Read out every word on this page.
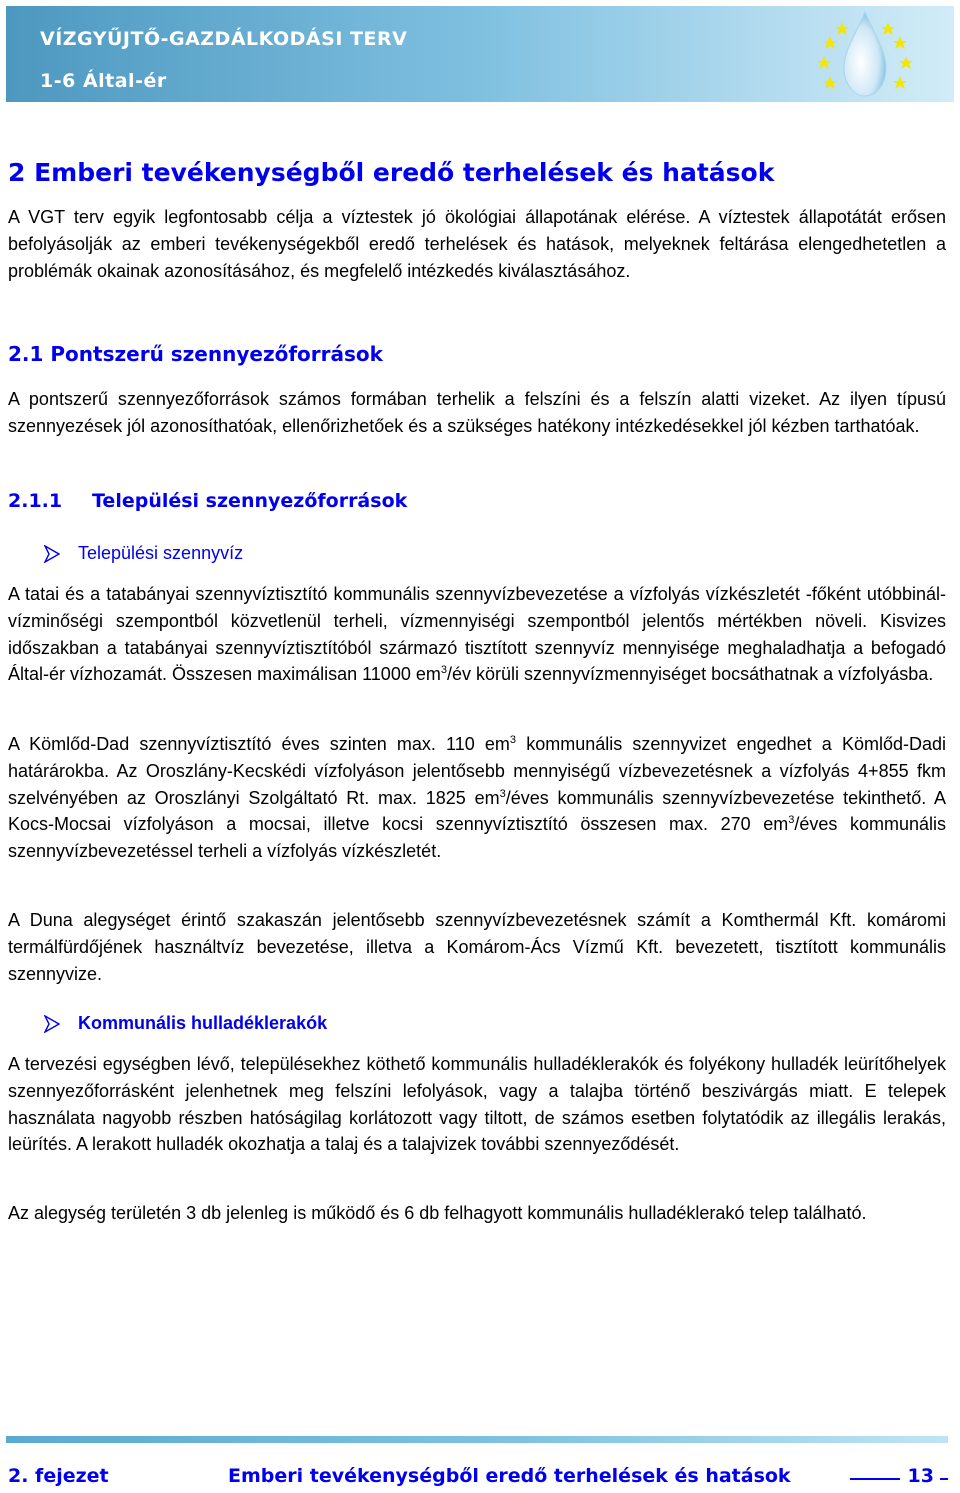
VÍZGYŰJTŐ-GAZDÁLKODÁSI TERV
1-6 Által-ér
2 Emberi tevékenységből eredő terhelések és hatások

A VGT terv egyik legfontosabb célja a víztestek jó ökológiai állapotának elérése. A víztestek állapotátát erősen befolyásolják az emberi tevékenységekből eredő terhelések és hatások, melyeknek feltárása elengedhetetlen a problémák okainak azonosításához, és megfelelő intézkedés kiválasztásához.

2.1 Pontszerű szennyezőforrások

A pontszerű szennyezőforrások számos formában terhelik a felszíni és a felszín alatti vizeket. Az ilyen típusú szennyezések jól azonosíthatóak, ellenőrizhetőek és a szükséges hatékony intézkedésekkel jól kézben tarthatóak.

2.1.1 Települési szennyezőforrások
Települési szennyvíz

A tatai és a tatabányai szennyvíztisztító kommunális szennyvízbevezetése a vízfolyás vízkészletét -főként utóbbinál- vízminőségi szempontból közvetlenül terheli, vízmennyiségi szempontból jelentős mértékben növeli. Kisvizes időszakban a tatabányai szennyvíztisztítóból származó tisztított szennyvíz mennyisége meghaladhatja a befogadó Által-ér vízhozamát. Összesen maximálisan 11000 $em^3/év$ körüli szennyvízmennyiséget bocsáthatnak a vízfolyásba.

A Kömlőd-Dad szennyvíztisztító éves szinten max. 110 $em^3$ kommunális szennyvizet engedhet a Kömlőd-Dadi határárokba. Az Oroszlány-Kecskédi vízfolyáson jelentősebb mennyiségű vízbevezetésnek a vízfolyás 4+855 fkm szelvényében az Oroszlányi Szolgáltató Rt. max. 1825 $em^3$/éves kommunális szennyvízbevezetése tekinthető. A Kocs-Mocsai vízfolyáson a mocsai, illetve kocsi szennyvíztisztító összesen max. 270 $em^3$/éves kommunális szennyvízbevezetéssel terheli a vízfolyás vízkészletét.

A Duna alegységet érintő szakaszán jelentősebb szennyvízbevezetésnek számít a Komthermál Kft. komáromi termálfürdőjének használtvíz bevezetése, illetva a Komárom-Ács Vízmű Kft. bevezetett, tisztított kommunális szennyvize.

Kommunális hulladéklerakók

A tervezési egységben lévő, településekhez köthető kommunális hulladéklerakók és folyékony hulladék leürítőhelyek szennyezőforrásként jelenhetnek meg felszíni lefolyások, vagy a talajba történő beszivárgás miatt. E telepek használata nagyobb részben hatóságilag korlátozott vagy tiltott, de számos esetben folytatódik az illegális lerakás, leürítés. A lerakott hulladék okozhatja a talaj és a talajvizek további szennyeződését.

Az alegység területén 3 db jelenleg is működő és 6 db felhagyott kommunális hulladéklerakó telep található.

2. fejezet	Emberi tevékenységből eredő terhelések és hatások	13
